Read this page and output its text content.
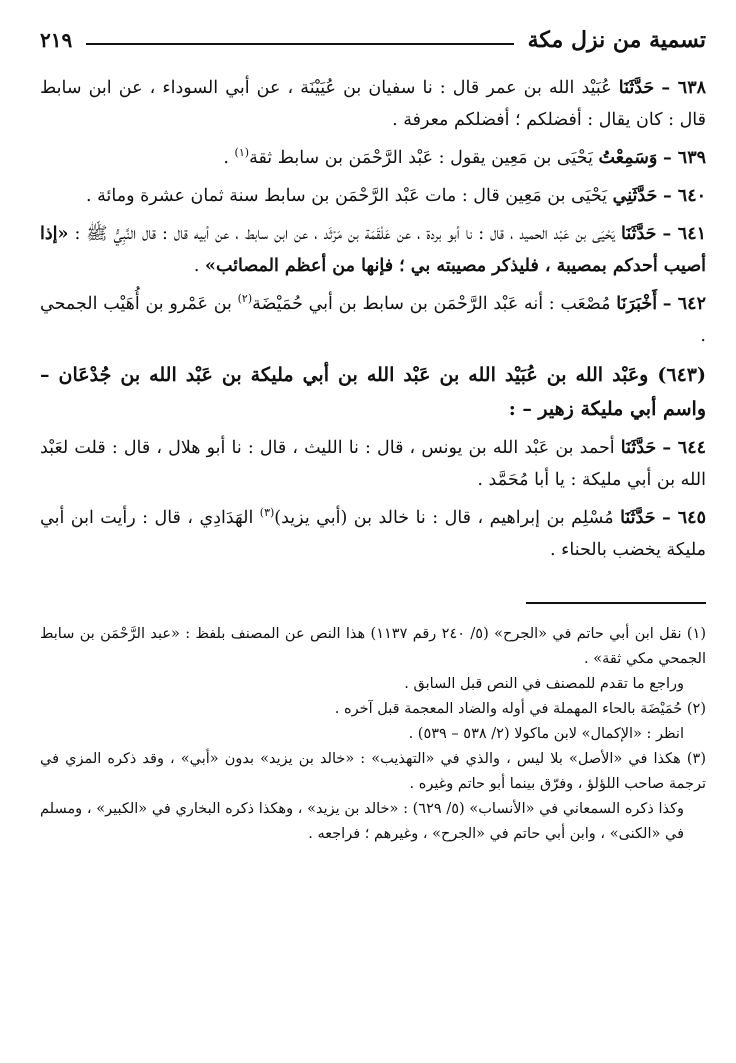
تسمية من نزل مكة
٢١٩

٦٣٨ – حَدَّثَنَا عُبَيْد الله بن عمر قال : نا سفيان بن عُيَيْنَة ، عن أبي السوداء ، عن ابن سابط قال : كان يقال : أفضلكم ؛ أفضلكم معرفة .

٦٣٩ – وَسَمِعْتُ يَحْيَى بن مَعِين يقول : عَبْد الرَّحْمَن بن سابط ثقة$^{(١)}$ .

٦٤٠ – حَدَّثَنِي يَحْيَى بن مَعِين قال : مات عَبْد الرَّحْمَن بن سابط سنة ثمان عشرة ومائة .

٦٤١ – حَدَّثَنَا يَحْيَى بن عَبْد الحميد ، قال : نا أبو بردة ، عن عَلْقَمَة بن مَرْثَد ، عن ابن سابط ، عن أبيه قال : قال النَّبِيُّ ﷺ : «إذا أصيب أحدكم بمصيبة ، فليذكر مصيبته بي ؛ فإنها من أعظم المصائب» .

٦٤٢ – أَخْبَرَنَا مُصْعَب : أنه عَبْد الرَّحْمَن بن سابط بن أبي حُمَيْضَة$^{(٢)}$ بن عَمْرو بن أُهَيْب الجمحي .

(٦٤٣) وعَبْد الله بن عُبَيْد الله بن عَبْد الله بن أبي مليكة بن عَبْد الله بن جُدْعَان – واسم أبي مليكة زهير – :

٦٤٤ – حَدَّثَنَا أحمد بن عَبْد الله بن يونس ، قال : نا الليث ، قال : نا أبو هلال ، قال : قلت لعَبْد الله بن أبي مليكة : يا أبا مُحَمَّد .

٦٤٥ – حَدَّثَنَا مُسْلِم بن إبراهيم ، قال : نا خالد بن (أبي يزيد)$^{(٣)}$ الهَدَادِي ، قال : رأيت ابن أبي مليكة يخضب بالحناء .

(١) نقل ابن أبي حاتم في «الجرح» (٥/ ٢٤٠ رقم ١١٣٧) هذا النص عن المصنف بلفظ : «عبد الرَّحْمَن بن سابط الجمحي مكي ثقة» .

وراجع ما تقدم للمصنف في النص قبل السابق .

(٢) حُمَيْضَة بالحاء المهملة في أوله والضاد المعجمة قبل آخره .

انظر : «الإكمال» لابن ماكولا (٢/ ٥٣٨ – ٥٣٩) .

(٣) هكذا في «الأصل» بلا ليس ، والذي في «التهذيب» : «خالد بن يزيد» بدون «أبي» ، وقد ذكره المزي في ترجمة صاحب اللؤلؤ ، وفرّق بينما أبو حاتم وغيره .

وكذا ذكره السمعاني في «الأنساب» (٥/ ٦٢٩) : «خالد بن يزيد» ، وهكذا ذكره البخاري في «الكبير» ، ومسلم في «الكنى» ، وابن أبي حاتم في «الجرح» ، وغيرهم ؛ فراجعه .
